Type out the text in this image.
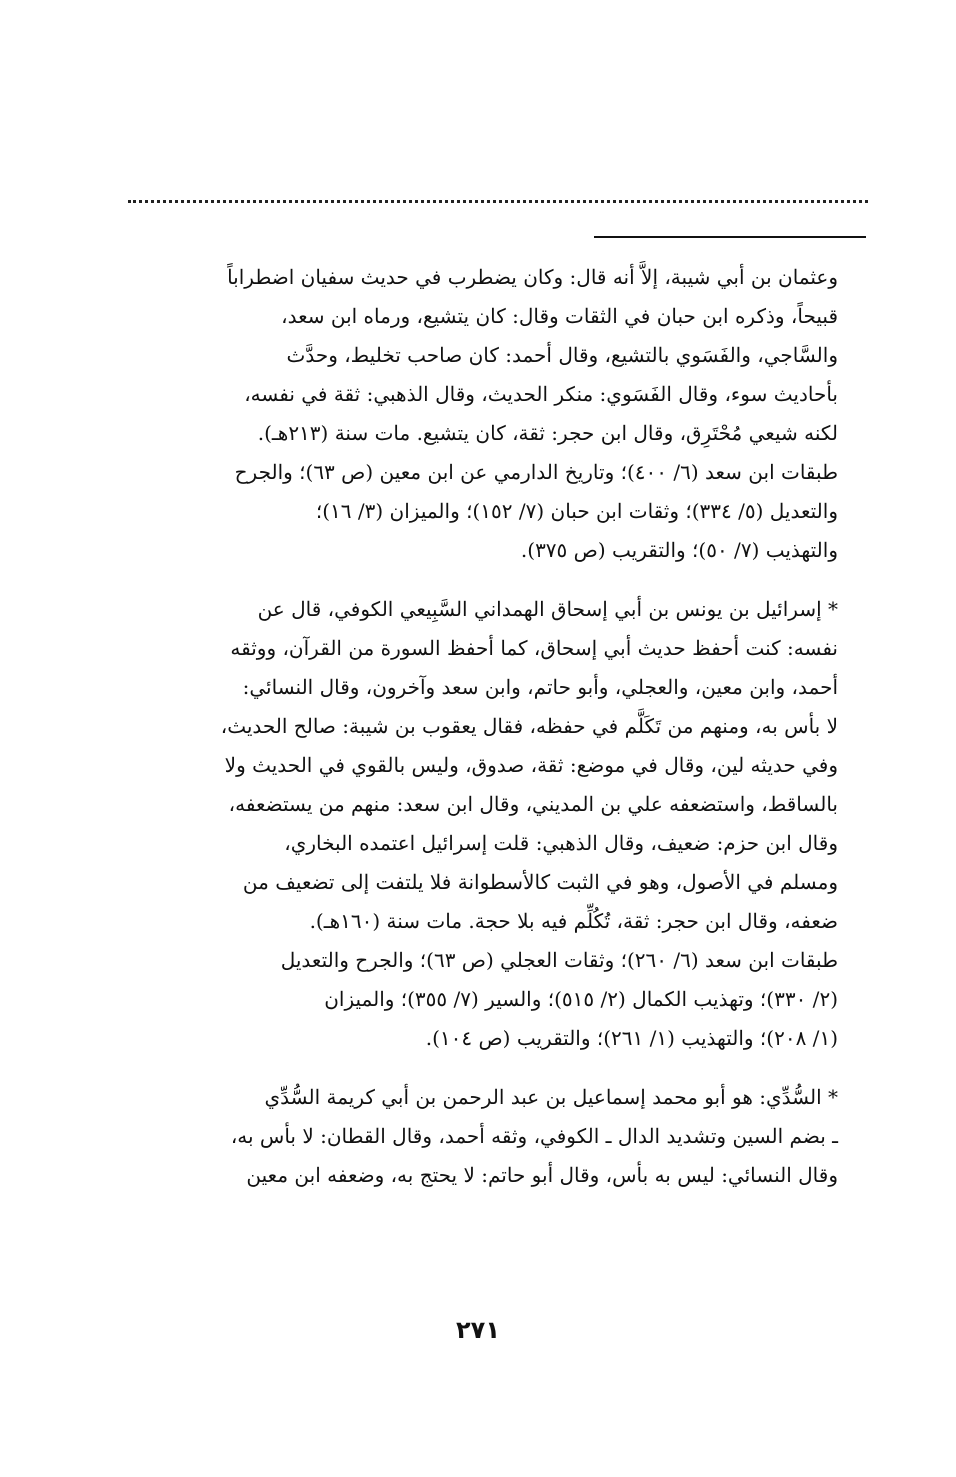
وعثمان بن أبي شيبة، إلاَّ أنه قال: وكان يضطرب في حديث سفيان اضطراباً

قبيحاً، وذكره ابن حبان في الثقات وقال: كان يتشيع، ورماه ابن سعد،

والسَّاجي، والفَسَوي بالتشيع، وقال أحمد: كان صاحب تخليط، وحدَّث

بأحاديث سوء، وقال الفَسَوي: منكر الحديث، وقال الذهبي: ثقة في نفسه،

لكنه شيعي مُحْتَرِق، وقال ابن حجر: ثقة، كان يتشيع. مات سنة (٢١٣هـ).

طبقات ابن سعد (٦/ ٤٠٠)؛ وتاريخ الدارمي عن ابن معين (ص ٦٣)؛ والجرح

والتعديل (٥/ ٣٣٤)؛ وثقات ابن حبان (٧/ ١٥٢)؛ والميزان (٣/ ١٦)؛

والتهذيب (٧/ ٥٠)؛ والتقريب (ص ٣٧٥).

* إسرائيل بن يونس بن أبي إسحاق الهمداني السَّبِيعي الكوفي، قال عن

نفسه: كنت أحفظ حديث أبي إسحاق، كما أحفظ السورة من القرآن، ووثقه

أحمد، وابن معين، والعجلي، وأبو حاتم، وابن سعد وآخرون، وقال النسائي:

لا بأس به، ومنهم من تَكَلَّم في حفظه، فقال يعقوب بن شيبة: صالح الحديث،

وفي حديثه لين، وقال في موضع: ثقة، صدوق، وليس بالقوي في الحديث ولا

بالساقط، واستضعفه علي بن المديني، وقال ابن سعد: منهم من يستضعفه،

وقال ابن حزم: ضعيف، وقال الذهبي: قلت إسرائيل اعتمده البخاري،

ومسلم في الأصول، وهو في الثبت كالأسطوانة فلا يلتفت إلى تضعيف من

ضعفه، وقال ابن حجر: ثقة، تُكُلِّم فيه بلا حجة. مات سنة (١٦٠هـ).

طبقات ابن سعد (٦/ ٢٦٠)؛ وثقات العجلي (ص ٦٣)؛ والجرح والتعديل

(٢/ ٣٣٠)؛ وتهذيب الكمال (٢/ ٥١٥)؛ والسير (٧/ ٣٥٥)؛ والميزان

(١/ ٢٠٨)؛ والتهذيب (١/ ٢٦١)؛ والتقريب (ص ١٠٤).

* السُّدِّي: هو أبو محمد إسماعيل بن عبد الرحمن بن أبي كريمة السُّدِّي

ـ بضم السين وتشديد الدال ـ الكوفي، وثقه أحمد، وقال القطان: لا بأس به،

وقال النسائي: ليس به بأس، وقال أبو حاتم: لا يحتج به، وضعفه ابن معين

٢٧١
